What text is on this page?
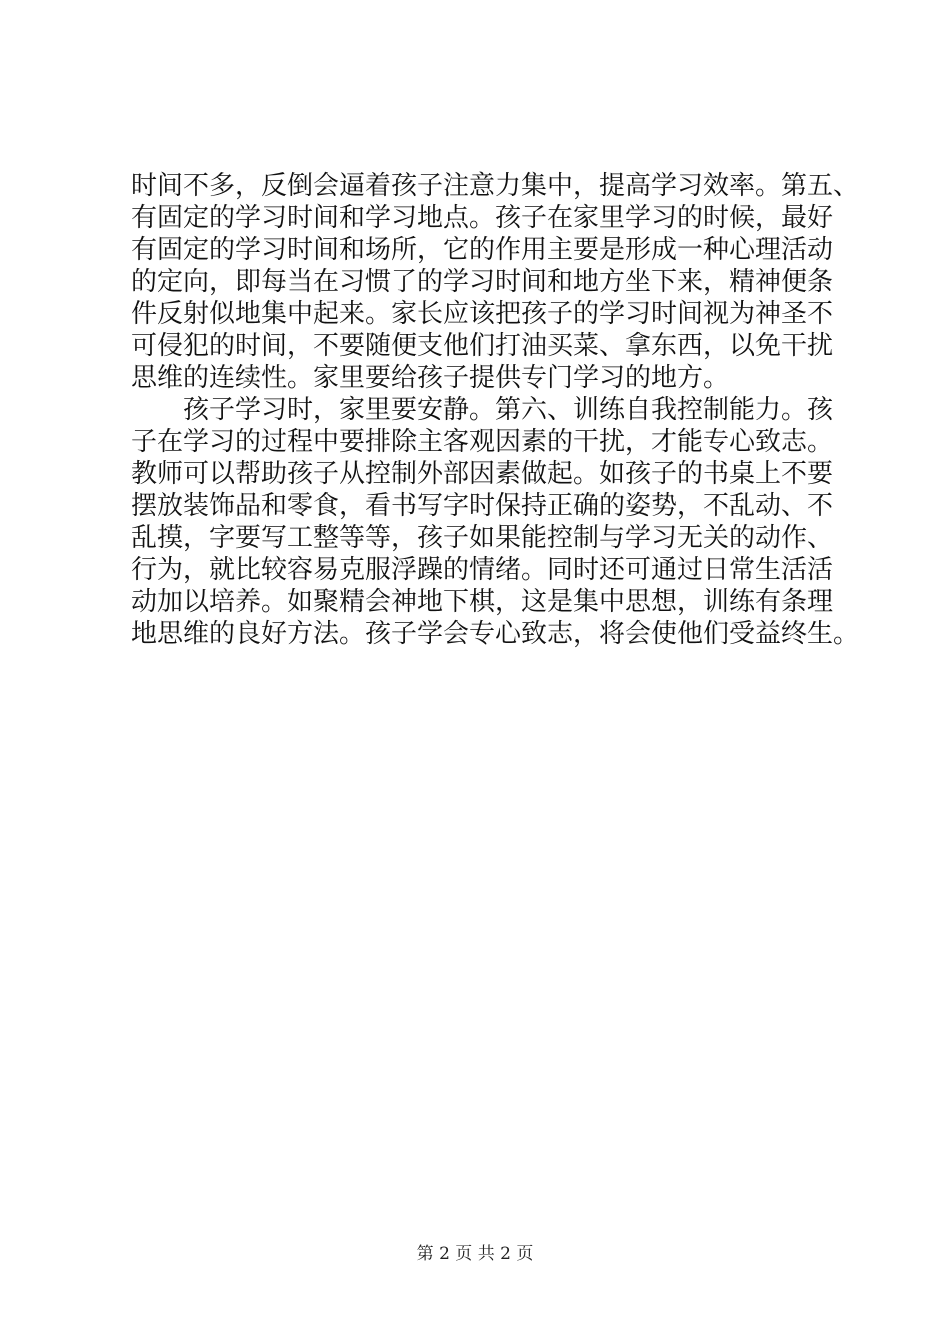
时间不多，反倒会逼着孩子注意力集中，提高学习效率。第五、
有固定的学习时间和学习地点。孩子在家里学习的时候，最好
有固定的学习时间和场所，它的作用主要是形成一种心理活动
的定向，即每当在习惯了的学习时间和地方坐下来，精神便条
件反射似地集中起来。家长应该把孩子的学习时间视为神圣不
可侵犯的时间，不要随便支他们打油买菜、拿东西，以免干扰
思维的连续性。家里要给孩子提供专门学习的地方。
孩子学习时，家里要安静。第六、训练自我控制能力。孩
子在学习的过程中要排除主客观因素的干扰，才能专心致志。
教师可以帮助孩子从控制外部因素做起。如孩子的书桌上不要
摆放装饰品和零食，看书写字时保持正确的姿势，不乱动、不
乱摸，字要写工整等等，孩子如果能控制与学习无关的动作、
行为，就比较容易克服浮躁的情绪。同时还可通过日常生活活
动加以培养。如聚精会神地下棋，这是集中思想，训练有条理
地思维的良好方法。孩子学会专心致志，将会使他们受益终生。
第 2 页 共 2 页
